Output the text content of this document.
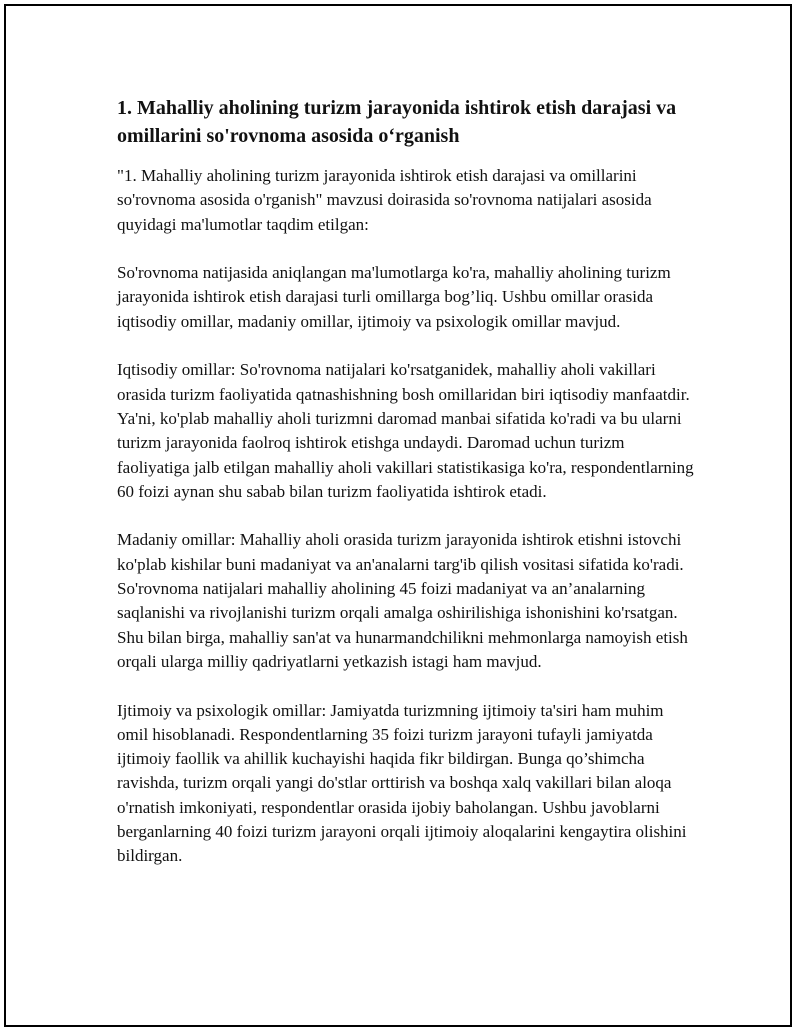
1. Mahalliy aholining turizm jarayonida ishtirok etish darajasi va omillarini so'rovnoma asosida oʻrganish

"1. Mahalliy aholining turizm jarayonida ishtirok etish darajasi va omillarini so'rovnoma asosida o'rganish" mavzusi doirasida so'rovnoma natijalari asosida quyidagi ma'lumotlar taqdim etilgan:

So'rovnoma natijasida aniqlangan ma'lumotlarga ko'ra, mahalliy aholining turizm jarayonida ishtirok etish darajasi turli omillarga bog’liq. Ushbu omillar orasida iqtisodiy omillar, madaniy omillar, ijtimoiy va psixologik omillar mavjud.

Iqtisodiy omillar: So'rovnoma natijalari ko'rsatganidek, mahalliy aholi vakillari orasida turizm faoliyatida qatnashishning bosh omillaridan biri iqtisodiy manfaatdir. Ya'ni, ko'plab mahalliy aholi turizmni daromad manbai sifatida ko'radi va bu ularni turizm jarayonida faolroq ishtirok etishga undaydi. Daromad uchun turizm faoliyatiga jalb etilgan mahalliy aholi vakillari statistikasiga ko'ra, respondentlarning 60 foizi aynan shu sabab bilan turizm faoliyatida ishtirok etadi.

Madaniy omillar: Mahalliy aholi orasida turizm jarayonida ishtirok etishni istovchi ko'plab kishilar buni madaniyat va an'analarni targ'ib qilish vositasi sifatida ko'radi. So'rovnoma natijalari mahalliy aholining 45 foizi madaniyat va an’analarning saqlanishi va rivojlanishi turizm orqali amalga oshirilishiga ishonishini ko'rsatgan. Shu bilan birga, mahalliy san'at va hunarmandchilikni mehmonlarga namoyish etish orqali ularga milliy qadriyatlarni yetkazish istagi ham mavjud.

Ijtimoiy va psixologik omillar: Jamiyatda turizmning ijtimoiy ta'siri ham muhim omil hisoblanadi. Respondentlarning 35 foizi turizm jarayoni tufayli jamiyatda ijtimoiy faollik va ahillik kuchayishi haqida fikr bildirgan. Bunga qo’shimcha ravishda, turizm orqali yangi do'stlar orttirish va boshqa xalq vakillari bilan aloqa o'rnatish imkoniyati, respondentlar orasida ijobiy baholangan. Ushbu javoblarni berganlarning 40 foizi turizm jarayoni orqali ijtimoiy aloqalarini kengaytira olishini bildirgan.
